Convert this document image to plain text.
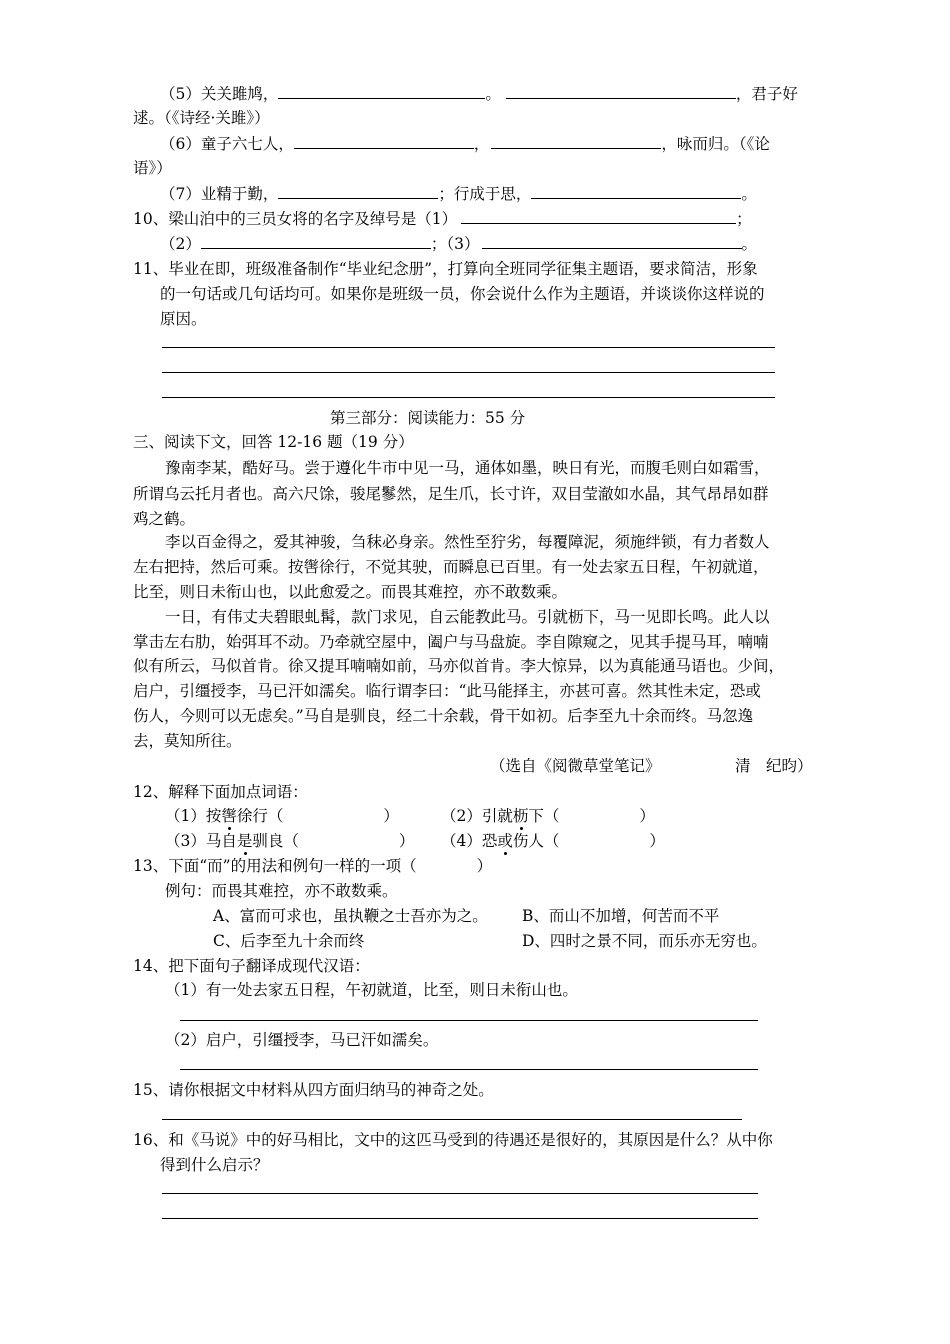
（5）关关雎鸠，	。	，君子好
逑。（《诗经·关雎》）
（6）童子六七人，	，	，咏而归。（《论
语》）
（7）业精于勤，	；行成于思，	。
10、梁山泊中的三员女将的名字及绰号是（1）	；
（2）	；（3）	。
11、毕业在即，班级准备制作“毕业纪念册”，打算向全班同学征集主题语，要求简洁，形象
的一句话或几句话均可。如果你是班级一员，你会说什么作为主题语，并谈谈你这样说的
原因。
第三部分：阅读能力：55 分
三、阅读下文，回答 12-16 题（19 分）
豫南李某，酷好马。尝于遵化牛市中见一马，通体如墨，映日有光，而腹毛则白如霜雪，
所谓乌云托月者也。高六尺馀，骏尾鬖然，足生爪，长寸许，双目莹澈如水晶，其气昂昂如群
鸡之鹤。
李以百金得之，爱其神骏，刍秣必身亲。然性至狞劣，每覆障泥，须施绊锁，有力者数人
左右把持，然后可乘。按辔徐行，不觉其驶，而瞬息已百里。有一处去家五日程，午初就道，
比至，则日未衔山也，以此愈爱之。而畏其难控，亦不敢数乘。
一日，有伟丈夫碧眼虬髯，款门求见，自云能教此马。引就枥下，马一见即长鸣。此人以
掌击左右肋，始弭耳不动。乃牵就空屋中，阖户与马盘旋。李自隙窥之，见其手提马耳，喃喃
似有所云，马似首肯。徐又提耳喃喃如前，马亦似首肯。李大惊异，以为真能通马语也。少间，
启户，引缰授李，马已汗如濡矣。临行谓李曰：“此马能择主，亦甚可喜。然其性未定，恐或
伤人，今则可以无虑矣。”马自是驯良，经二十余载，骨干如初。后李至九十余而终。马忽逸
去，莫知所往。
（选自《阅微草堂笔记》	清　纪昀）
12、解释下面加点词语：
（1）按辔徐行（	）	（2）引就枥下（	）
（3）马自是驯良（	） （4）恐或伤人（	）
13、下面“而”的用法和例句一样的一项（	）
例句：而畏其难控，亦不敢数乘。
A、富而可求也，虽执鞭之士吾亦为之。 B、而山不加增，何苦而不平
C、后李至九十余而终	D、四时之景不同，而乐亦无穷也。
14、把下面句子翻译成现代汉语：
（1）有一处去家五日程，午初就道，比至，则日未衔山也。
（2）启户，引缰授李，马已汗如濡矣。
15、请你根据文中材料从四方面归纳马的神奇之处。
16、和《马说》中的好马相比，文中的这匹马受到的待遇还是很好的，其原因是什么？从中你
得到什么启示？
